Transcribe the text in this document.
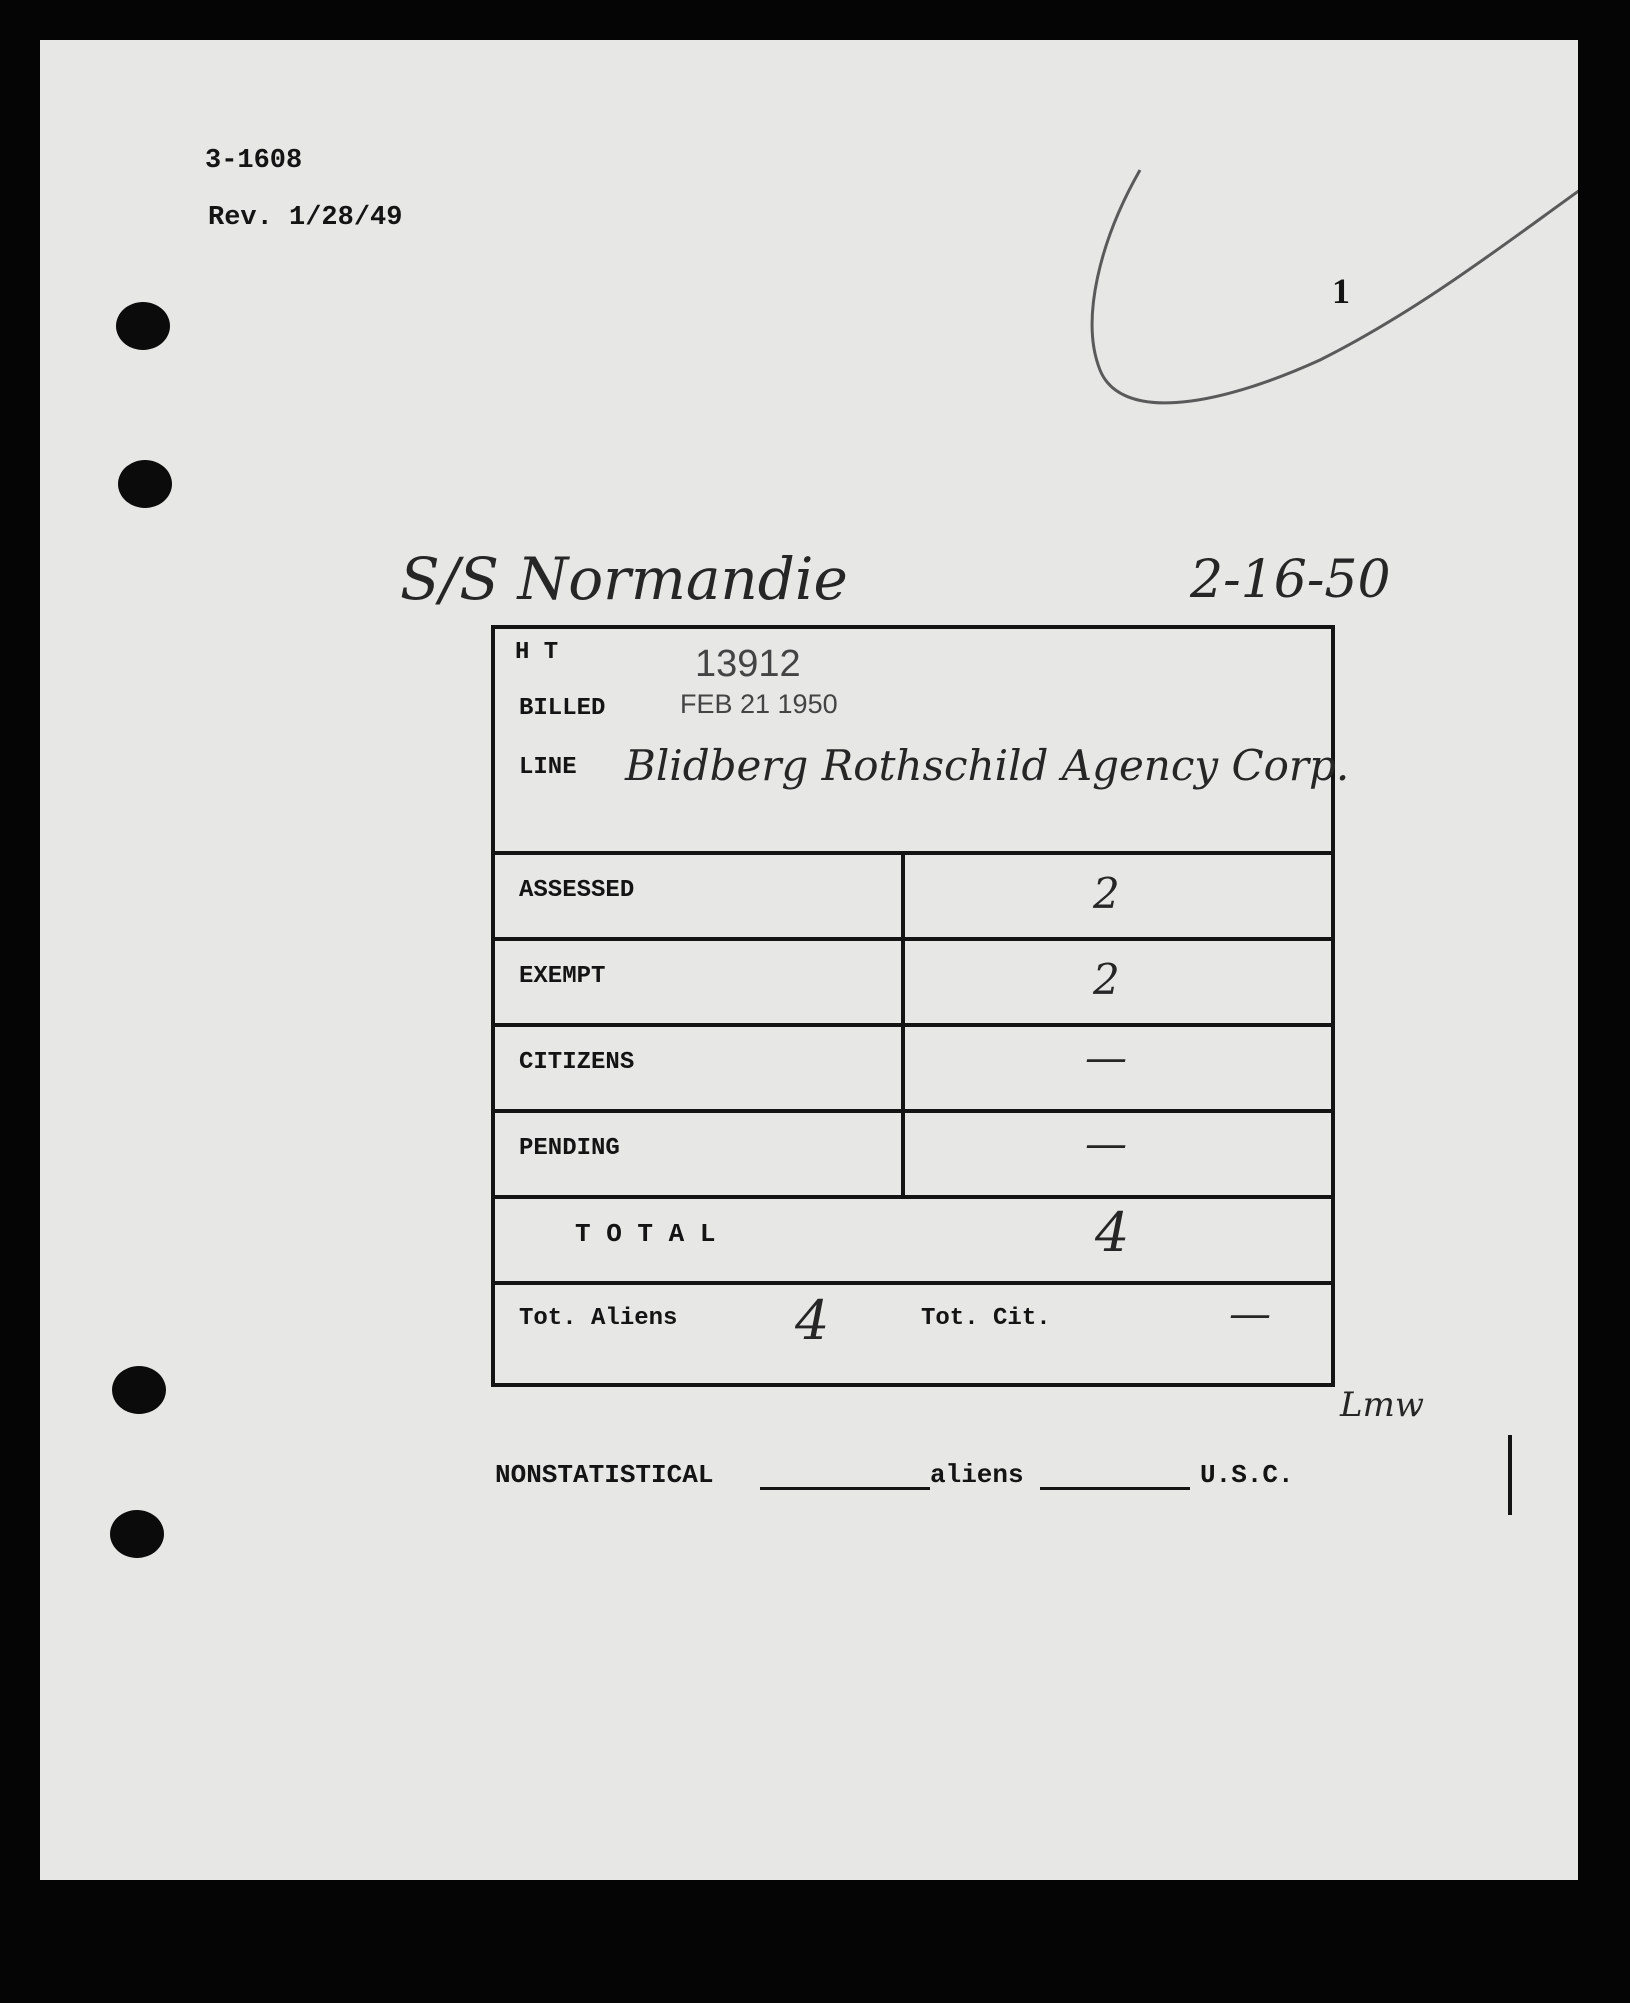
3-1608
Rev. 1/28/49
1
S/S Normandie	2-16-50
H T	13912
BILLED	FEB 21 1950
LINE Blidberg Rothschild Agency Corp.
ASSESSED	2
EXEMPT	2
CITIZENS	—
PENDING	—
T O T A L	4
Tot. Aliens 4	Tot. Cit.	—
Lmw
NONSTATISTICAL	aliens	U.S.C.
